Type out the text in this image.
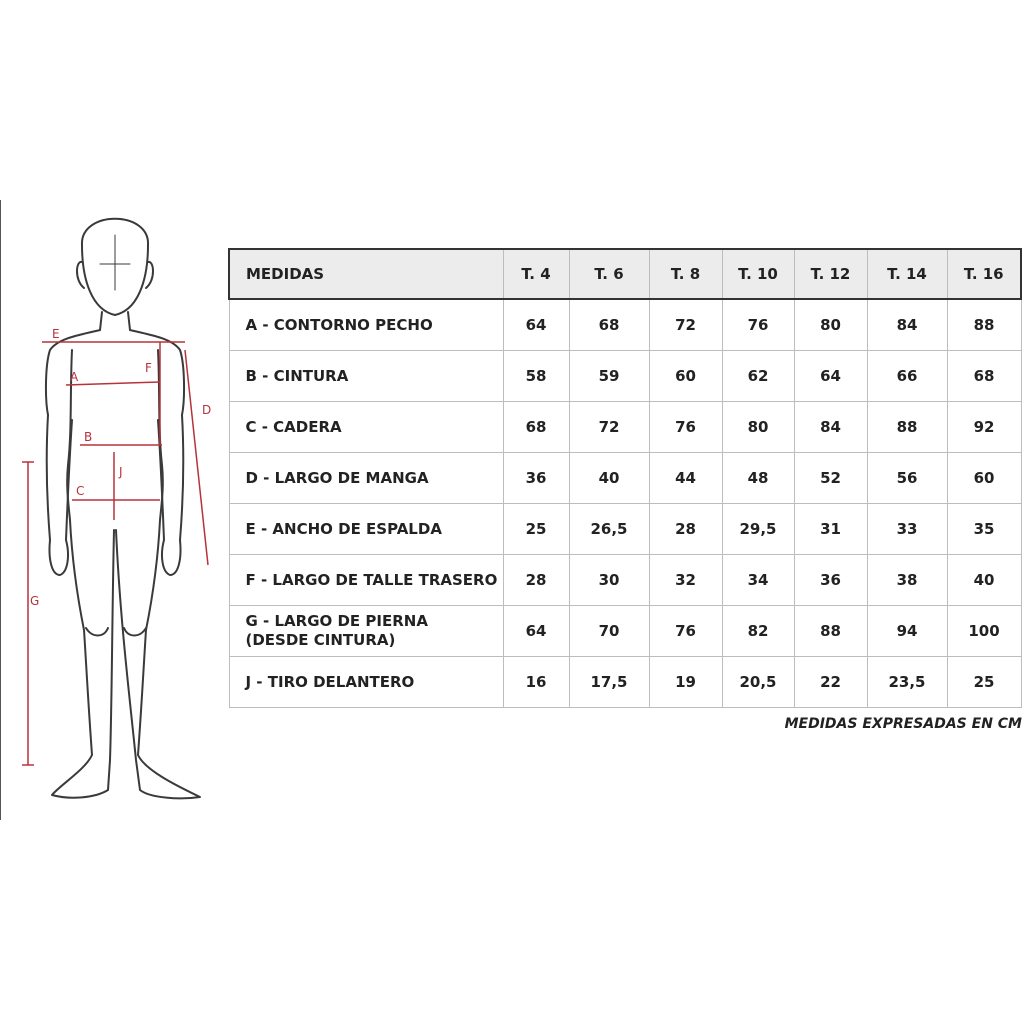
E
A
F
D
B
J
C
G
MEDIDAS	T. 4	T. 6	T. 8	T. 10	T. 12	T. 14	T. 16
A - CONTORNO PECHO	64	68	72	76	80	84	88
B - CINTURA	58	59	60	62	64	66	68
C - CADERA	68	72	76	80	84	88	92
D - LARGO DE MANGA	36	40	44	48	52	56	60
E - ANCHO DE ESPALDA	25	26,5	28	29,5	31	33	35
F - LARGO DE TALLE TRASERO	28	30	32	34	36	38	40
G - LARGO DE PIERNA
(DESDE CINTURA)	64	70	76	82	88	94	100
J - TIRO DELANTERO	16	17,5	19	20,5	22	23,5	25
MEDIDAS EXPRESADAS EN CM
